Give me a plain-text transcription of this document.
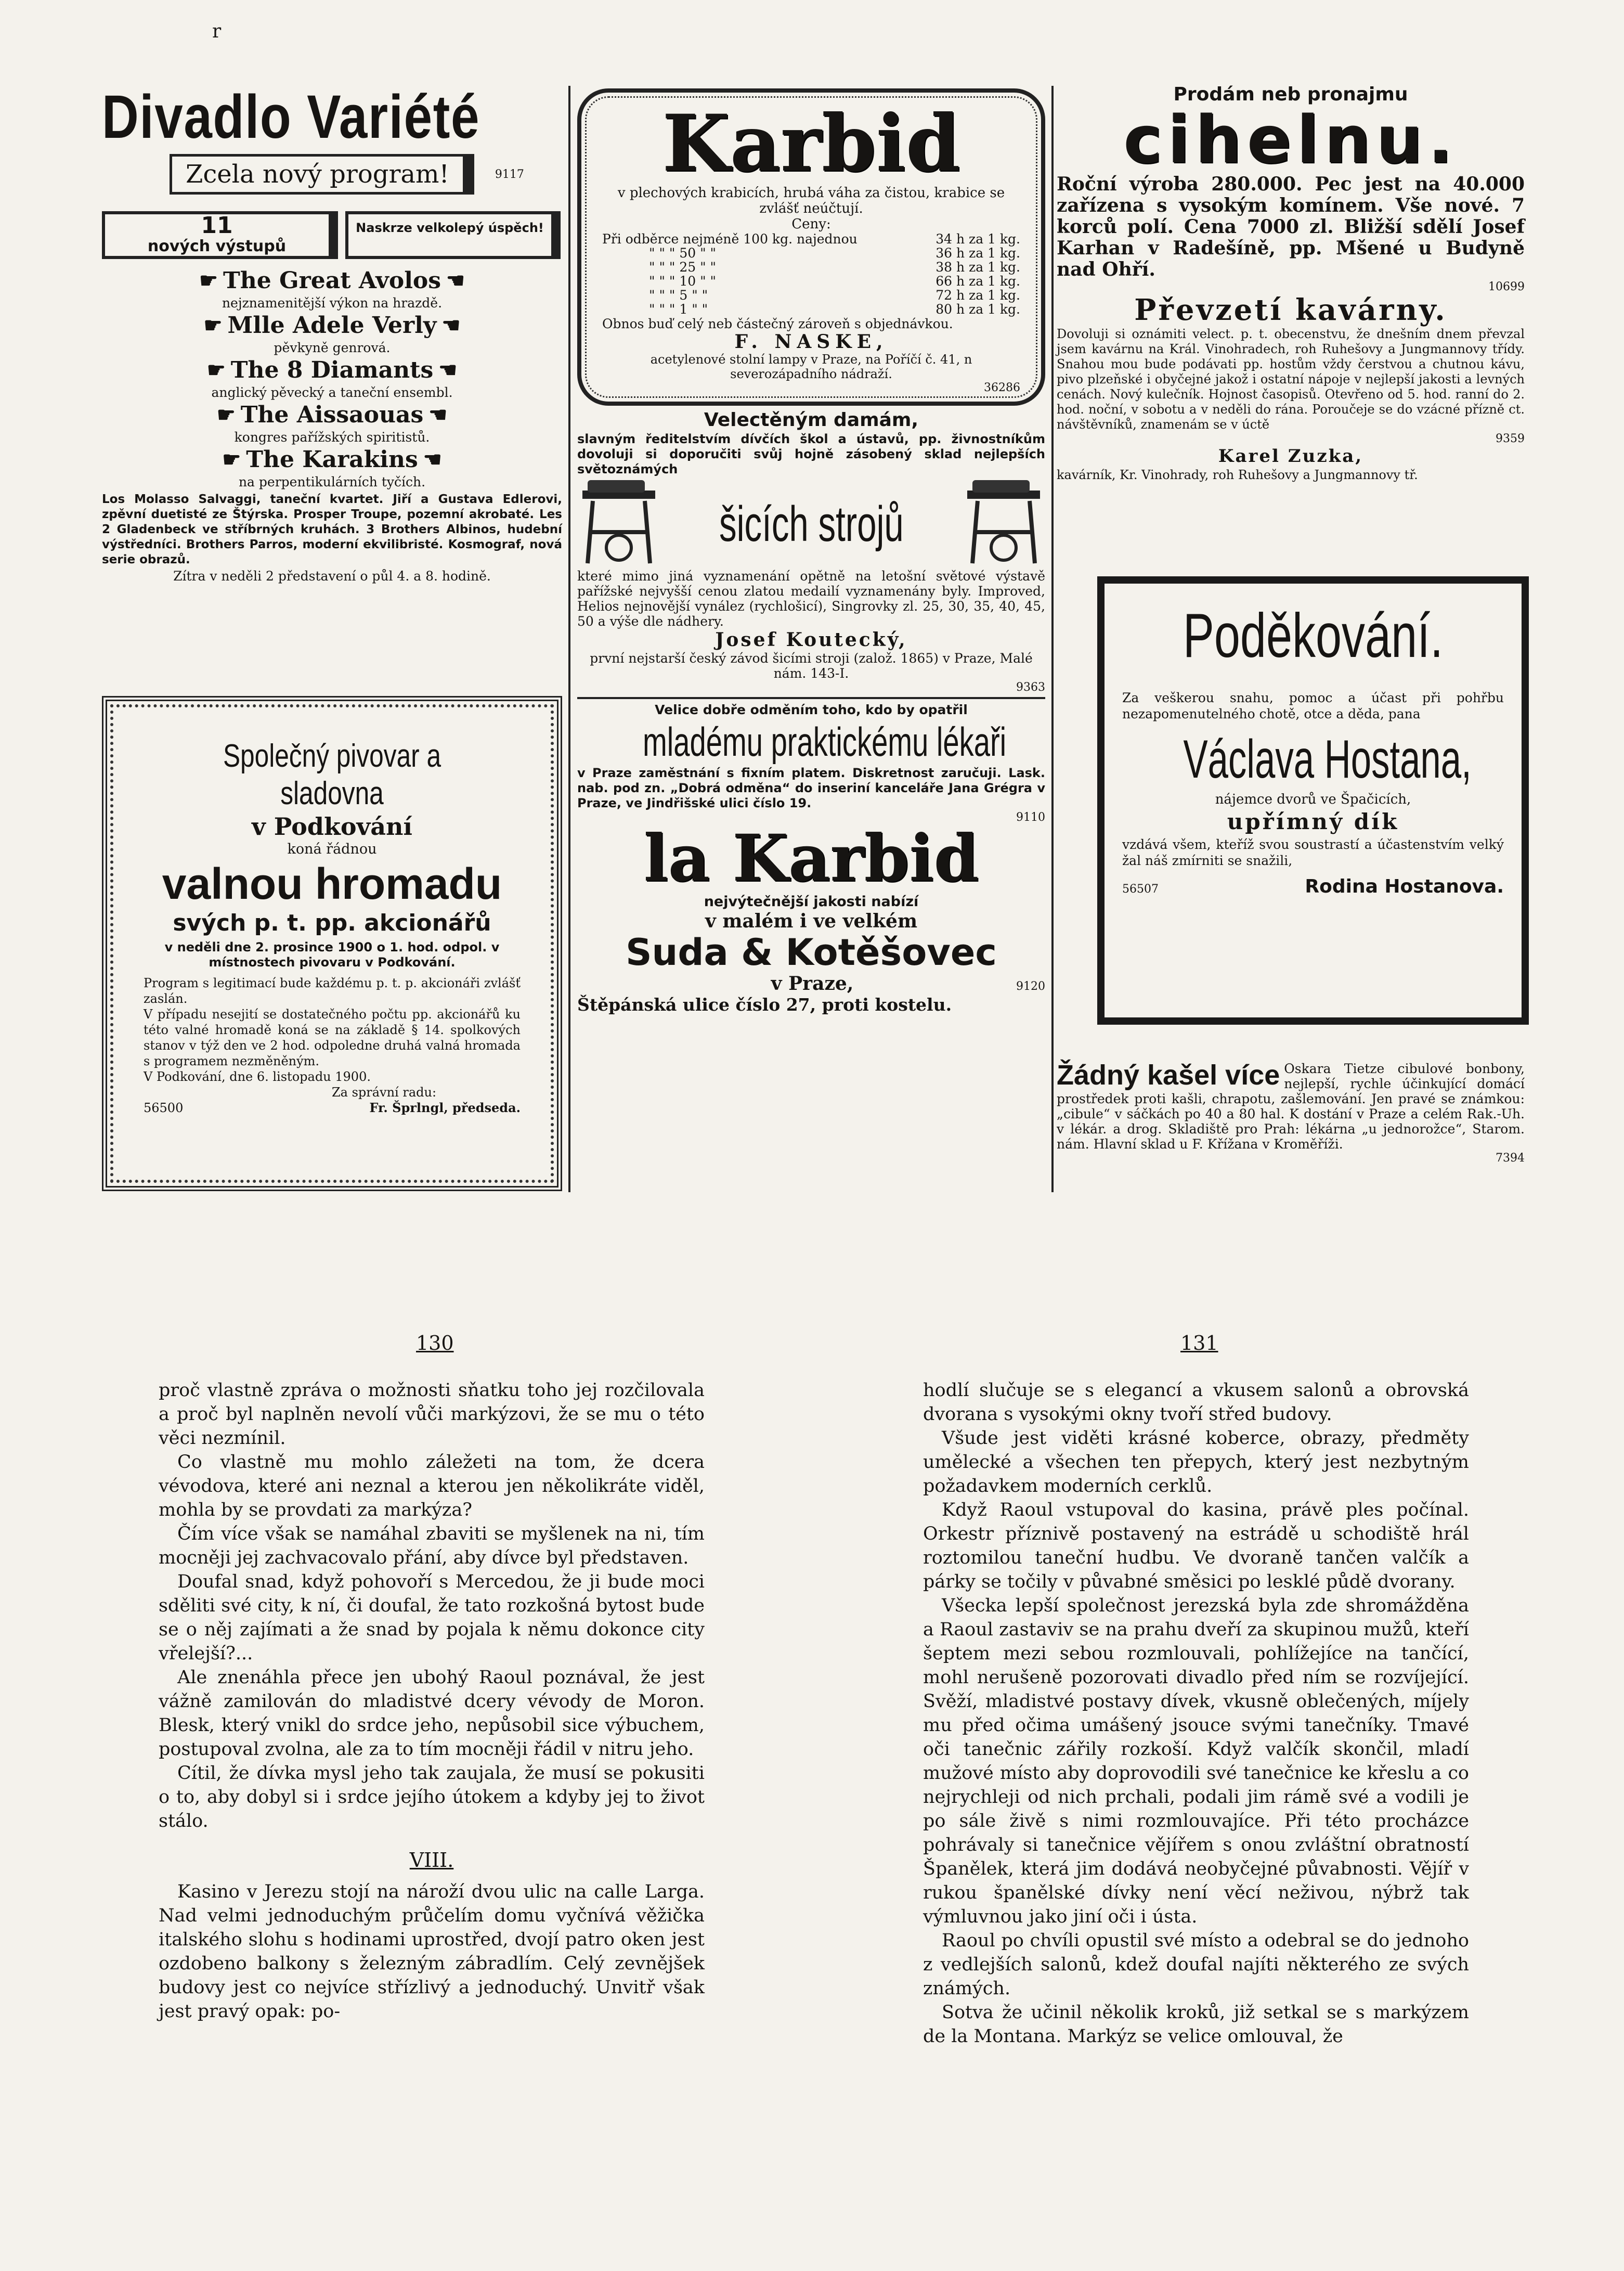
r
Divadlo Variété
Zcela nový program!	9117
11
nových výstupů
Naskrze velkolepý úspěch!
☛ The Great Avolos ☚
nejznamenitější výkon na hrazdě.
☛ Mlle Adele Verly ☚
pěvkyně genrová.
☛ The 8 Diamants ☚
anglický pěvecký a taneční ensembl.
☛ The Aissaouas ☚
kongres pařížských spiritistů.
☛ The Karakins ☚
na perpentikulárních tyčích.

Los Molasso Salvaggi, taneční kvartet. Jiří a Gustava Edlerovi, zpěvní duetisté ze Štýrska. Prosper Troupe, pozemní akrobaté. Les 2 Gladenbeck ve stříbrných kruhách. 3 Brothers Albinos, hudební výstředníci. Brothers Parros, moderní ekvilibristé. Kosmograf, nová serie obrazů.

Zítra v neděli 2 představení o půl 4. a 8. hodině.

Společný pivovar a sladovna
v Podkování
koná řádnou
valnou hromadu
svých p. t. pp. akcionářů

v neděli dne 2. prosince 1900 o 1. hod. odpol. v místnostech pivovaru v Podkování.

Program s legitimací bude každému p. t. p. akcionáři zvlášť zaslán.

V případu nesejití se dostatečného počtu pp. akcionářů ku této valné hromadě koná se na základě § 14. spolkových stanov v týž den ve 2 hod. odpoledne druhá valná hromada s programem nezměněným.

V Podkování, dne 6. listopadu 1900.

Za správní radu:

56500	Fr. Šprlngl, předseda.
Karbid

v plechových krabicích, hrubá váha za čistou, krabice se zvlášť neúčtují.

Ceny:
Při odběrce nejméně 100 kg. najednou	34 h za 1 kg.
" " " 50 " "	36 h za 1 kg.
" " " 25 " "	38 h za 1 kg.
" " " 10 " "	66 h za 1 kg.
" " " 5 " "	72 h za 1 kg.
" " " 1 " "	80 h za 1 kg.

Obnos buď celý neb částečný zároveň s objednávkou.

F. NASKE,

acetylenové stolní lampy v Praze, na Poříčí č. 41, n severozápadního nádraží.

36286
Velectěným damám,

slavným ředitelstvím dívčích škol a ústavů, pp. živnostníkům dovoluji si doporučiti svůj hojně zásobený sklad nejlepších světoznámých

šicích strojů

které mimo jiná vyznamenání opětně na letošní světové výstavě pařížské nejvyšší cenou zlatou medailí vyznamenány byly. Improved, Helios nejnovější vynález (rychlošicí), Singrovky zl. 25, 30, 35, 40, 45, 50 a výše dle nádhery.

Josef Koutecký,

první nejstarší český závod šicími stroji (založ. 1865) v Praze, Malé nám. 143-I.

9363
Velice dobře odměním toho, kdo by opatřil
mladému praktickému lékaři

v Praze zaměstnání s fixním platem. Diskretnost zaručuji. Lask. nab. pod zn. „Dobrá odměna“ do inseriní kanceláře Jana Grégra v Praze, ve Jindřišské ulici číslo 19.

9110
la Karbid
nejvýtečnější jakosti nabízí
v malém i ve velkém
Suda & Kotěšovec
v Praze,	9120
Štěpánská ulice číslo 27, proti kostelu.
Prodám neb pronajmu
cihelnu.

Roční výroba 280.000. Pec jest na 40.000 zařízena s vysokým komínem. Vše nové. 7 korců polí. Cena 7000 zl. Bližší sdělí Josef Karhan v Radešíně, pp. Mšené u Budyně nad Ohří.

10699
Převzetí kavárny.

Dovoluji si oznámiti velect. p. t. obecenstvu, že dnešním dnem převzal jsem kavárnu na Král. Vinohradech, roh Ruhešovy a Jungmannovy třídy. Snahou mou bude podávati pp. hostům vždy čerstvou a chutnou kávu, pivo plzeňské i obyčejné jakož i ostatní nápoje v nejlepší jakosti a levných cenách. Nový kulečník. Hojnost časopisů. Otevřeno od 5. hod. ranní do 2. hod. noční, v sobotu a v neděli do rána. Poroučeje se do vzácné přízně ct. návštěvníků, znamenám se v úctě

9359
Karel Zuzka,
kavárník, Kr. Vinohrady, roh Ruhešovy a Jungmannovy tř.
Poděkování.

Za veškerou snahu, pomoc a účast při pohřbu nezapomenutelného chotě, otce a děda, pana

Václava Hostana,
nájemce dvorů ve Špačicích,
upřímný dík

vzdává všem, kteříž svou soustrastí a účastenstvím velký žal náš zmírniti se snažili,

56507	Rodina Hostanova.

Žádný kašel více Oskara Tietze cibulové bonbony, nejlepší, rychle účinkující domácí prostředek proti kašli, chrapotu, zašlemování. Jen pravé se známkou: „cibule“ v sáčkách po 40 a 80 hal. K dostání v Praze a celém Rak.-Uh. v lékár. a drog. Skladiště pro Prah: lékárna „u jednorožce“, Starom. nám. Hlavní sklad u F. Křížana v Kroměříži.

7394
130	131

proč vlastně zpráva o možnosti sňatku toho jej rozčilovala a proč byl naplněn nevolí vůči markýzovi, že se mu o této věci nezmínil.

Co vlastně mu mohlo záležeti na tom, že dcera vévodova, které ani neznal a kterou jen několikráte viděl, mohla by se provdati za markýza?

Čím více však se namáhal zbaviti se myšlenek na ni, tím mocněji jej zachvacovalo přání, aby dívce byl představen.

Doufal snad, když pohovoří s Mercedou, že ji bude moci sděliti své city, k ní, či doufal, že tato rozkošná bytost bude se o něj zajímati a že snad by pojala k němu dokonce city vřelejší?...

Ale znenáhla přece jen ubohý Raoul poznával, že jest vážně zamilován do mladistvé dcery vévody de Moron. Blesk, který vnikl do srdce jeho, nepůsobil sice výbuchem, postupoval zvolna, ale za to tím mocněji řádil v nitru jeho.

Cítil, že dívka mysl jeho tak zaujala, že musí se pokusiti o to, aby dobyl si i srdce jejího útokem a kdyby jej to život stálo.

VIII.

Kasino v Jerezu stojí na nároží dvou ulic na calle Larga. Nad velmi jednoduchým průčelím domu vyčnívá věžička italského slohu s hodinami uprostřed, dvojí patro oken jest ozdobeno balkony s železným zábradlím. Celý zevnějšek budovy jest co nejvíce střízlivý a jednoduchý. Unvitř však jest pravý opak: po-

hodlí slučuje se s elegancí a vkusem salonů a obrovská dvorana s vysokými okny tvoří střed budovy.

Všude jest viděti krásné koberce, obrazy, předměty umělecké a všechen ten přepych, který jest nezbytným požadavkem moderních cerklů.

Když Raoul vstupoval do kasina, právě ples počínal. Orkestr příznivě postavený na estrádě u schodiště hrál roztomilou taneční hudbu. Ve dvoraně tančen valčík a párky se točily v půvabné směsici po lesklé půdě dvorany.

Všecka lepší společnost jerezská byla zde shromážděna a Raoul zastaviv se na prahu dveří za skupinou mužů, kteří šeptem mezi sebou rozmlouvali, pohlížejíce na tančící, mohl nerušeně pozorovati divadlo před ním se rozvíjející. Svěží, mladistvé postavy dívek, vkusně oblečených, míjely mu před očima umášený jsouce svými tanečníky. Tmavé oči tanečnic zářily rozkoší. Když valčík skončil, mladí mužové místo aby doprovodili své tanečnice ke křeslu a co nejrychleji od nich prchali, podali jim rámě své a vodili je po sále živě s nimi rozmlouvajíce. Při této procházce pohrávaly si tanečnice vějířem s onou zvláštní obratností Španělek, která jim dodává neobyčejné půvabnosti. Vějíř v rukou španělské dívky není věcí neživou, nýbrž tak výmluvnou jako jiní oči i ústa.

Raoul po chvíli opustil své místo a odebral se do jednoho z vedlejších salonů, kdež doufal najíti některého ze svých známých.

Sotva že učinil několik kroků, již setkal se s markýzem de la Montana. Markýz se velice omlouval, že
